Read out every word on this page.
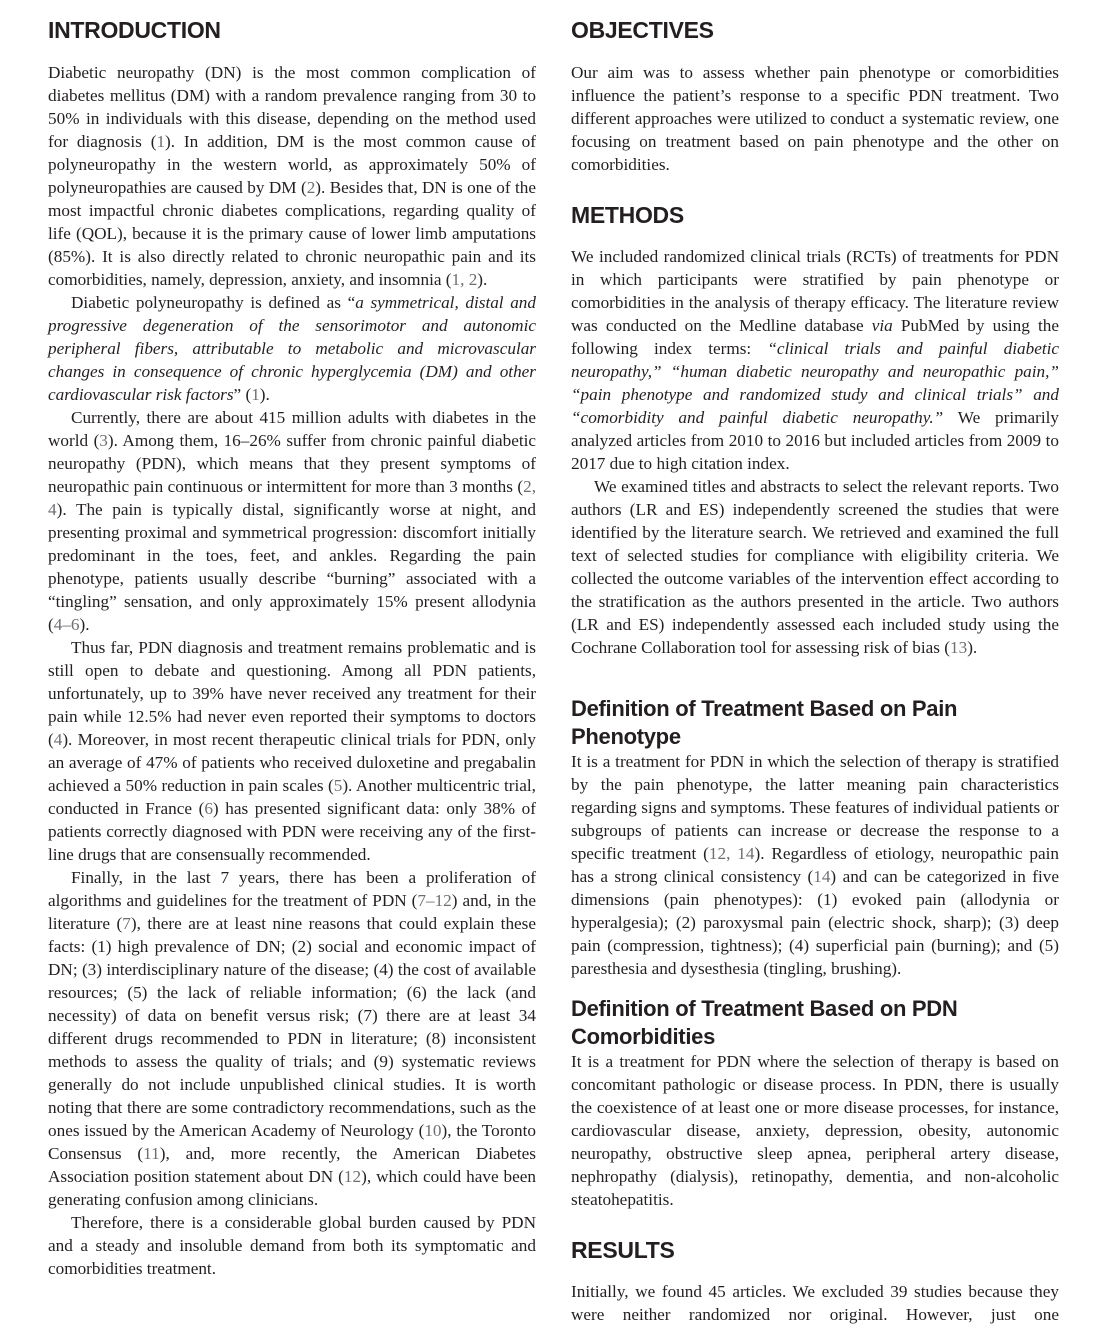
INTRODUCTION

Diabetic neuropathy (DN) is the most common complication of diabetes mellitus (DM) with a random prevalence ranging from 30 to 50% in individuals with this disease, depending on the method used for diagnosis (1). In addition, DM is the most common cause of polyneuropathy in the western world, as approximately 50% of polyneuropathies are caused by DM (2). Besides that, DN is one of the most impactful chronic diabetes complications, regarding quality of life (QOL), because it is the primary cause of lower limb amputations (85%). It is also directly related to chronic neuropathic pain and its comorbidities, namely, depression, anxiety, and insomnia (1, 2).

Diabetic polyneuropathy is defined as “a symmetrical, distal and progressive degeneration of the sensorimotor and autonomic peripheral fibers, attributable to metabolic and microvascular changes in consequence of chronic hyperglycemia (DM) and other cardiovascular risk factors” (1).

Currently, there are about 415 million adults with diabetes in the world (3). Among them, 16–26% suffer from chronic painful diabetic neuropathy (PDN), which means that they present symptoms of neuropathic pain continuous or intermittent for more than 3 months (2, 4). The pain is typically distal, significantly worse at night, and presenting proximal and symmetrical progression: discomfort initially predominant in the toes, feet, and ankles. Regarding the pain phenotype, patients usually describe “burning” associated with a “tingling” sensation, and only approximately 15% present allodynia (4–6).

Thus far, PDN diagnosis and treatment remains problematic and is still open to debate and questioning. Among all PDN patients, unfortunately, up to 39% have never received any treatment for their pain while 12.5% had never even reported their symptoms to doctors (4). Moreover, in most recent therapeutic clinical trials for PDN, only an average of 47% of patients who received duloxetine and pregabalin achieved a 50% reduction in pain scales (5). Another multicentric trial, conducted in France (6) has presented significant data: only 38% of patients correctly diagnosed with PDN were receiving any of the first-line drugs that are consensually recommended.

Finally, in the last 7 years, there has been a proliferation of algorithms and guidelines for the treatment of PDN (7–12) and, in the literature (7), there are at least nine reasons that could explain these facts: (1) high prevalence of DN; (2) social and economic impact of DN; (3) interdisciplinary nature of the disease; (4) the cost of available resources; (5) the lack of reliable information; (6) the lack (and necessity) of data on benefit versus risk; (7) there are at least 34 different drugs recommended to PDN in literature; (8) inconsistent methods to assess the quality of trials; and (9) systematic reviews generally do not include unpublished clinical studies. It is worth noting that there are some contradictory recommendations, such as the ones issued by the American Academy of Neurology (10), the Toronto Consensus (11), and, more recently, the American Diabetes Association position statement about DN (12), which could have been generating confusion among clinicians.

Therefore, there is a considerable global burden caused by PDN and a steady and insoluble demand from both its symptomatic and comorbidities treatment.

OBJECTIVES

Our aim was to assess whether pain phenotype or comorbidities influence the patient’s response to a specific PDN treatment. Two different approaches were utilized to conduct a systematic review, one focusing on treatment based on pain phenotype and the other on comorbidities.

METHODS

We included randomized clinical trials (RCTs) of treatments for PDN in which participants were stratified by pain phenotype or comorbidities in the analysis of therapy efficacy. The literature review was conducted on the Medline database via PubMed by using the following index terms: “clinical trials and painful diabetic neuropathy,” “human diabetic neuropathy and neuropathic pain,” “pain phenotype and randomized study and clinical trials” and “comorbidity and painful diabetic neuropathy.” We primarily analyzed articles from 2010 to 2016 but included articles from 2009 to 2017 due to high citation index.

We examined titles and abstracts to select the relevant reports. Two authors (LR and ES) independently screened the studies that were identified by the literature search. We retrieved and examined the full text of selected studies for compliance with eligibility criteria. We collected the outcome variables of the intervention effect according to the stratification as the authors presented in the article. Two authors (LR and ES) independently assessed each included study using the Cochrane Collaboration tool for assessing risk of bias (13).

Definition of Treatment Based on Pain Phenotype

It is a treatment for PDN in which the selection of therapy is stratified by the pain phenotype, the latter meaning pain characteristics regarding signs and symptoms. These features of individual patients or subgroups of patients can increase or decrease the response to a specific treatment (12, 14). Regardless of etiology, neuropathic pain has a strong clinical consistency (14) and can be categorized in five dimensions (pain phenotypes): (1) evoked pain (allodynia or hyperalgesia); (2) paroxysmal pain (electric shock, sharp); (3) deep pain (compression, tightness); (4) superficial pain (burning); and (5) paresthesia and dysesthesia (tingling, brushing).

Definition of Treatment Based on PDN Comorbidities

It is a treatment for PDN where the selection of therapy is based on concomitant pathologic or disease process. In PDN, there is usually the coexistence of at least one or more disease processes, for instance, cardiovascular disease, anxiety, depression, obesity, autonomic neuropathy, obstructive sleep apnea, peripheral artery disease, nephropathy (dialysis), retinopathy, dementia, and non-alcoholic steatohepatitis.

RESULTS

Initially, we found 45 articles. We excluded 39 studies because they were neither randomized nor original. However, just one
